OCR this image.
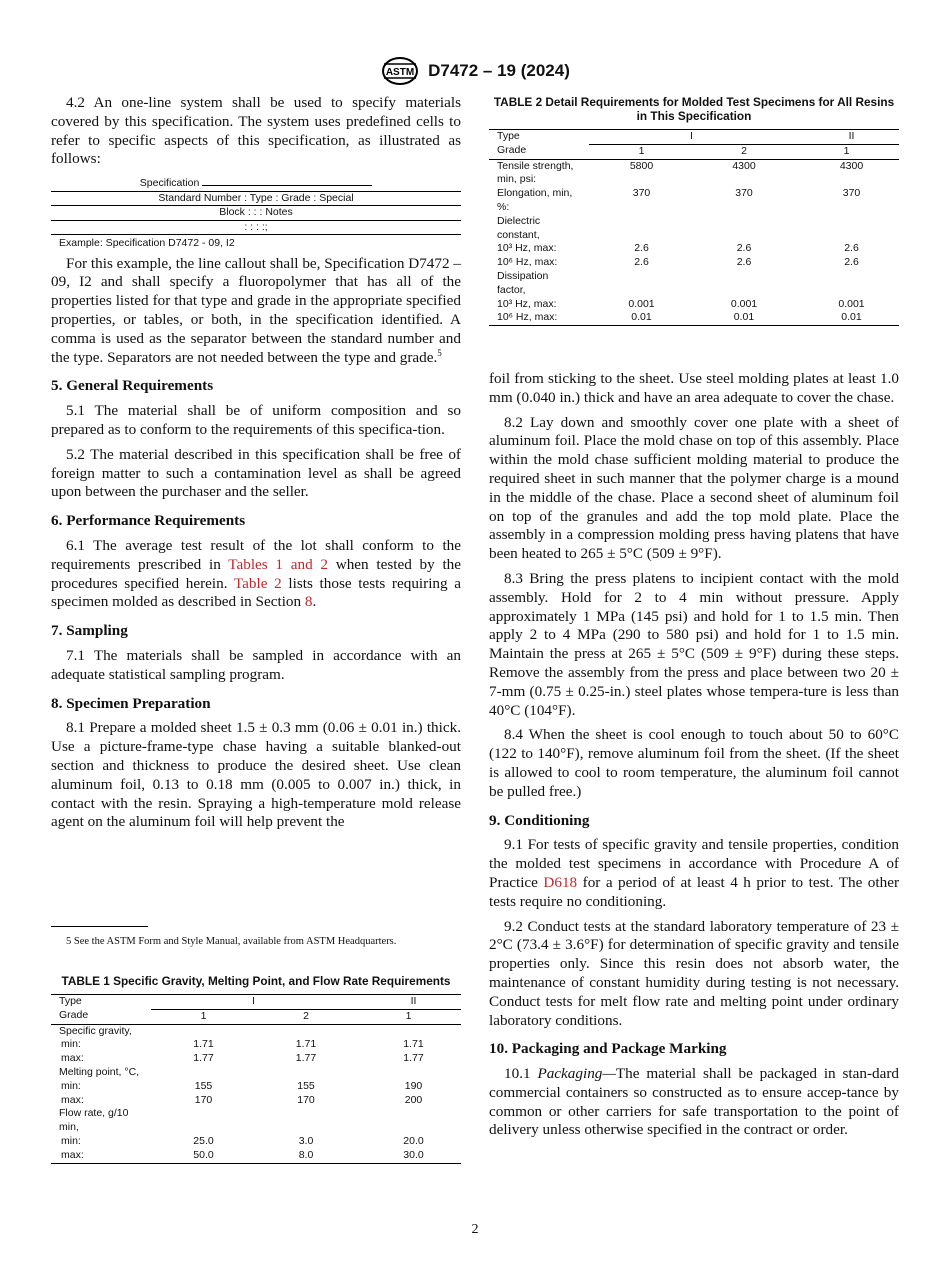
ASTM D7472 – 19 (2024)

4.2 An one-line system shall be used to specify materials covered by this specification. The system uses predefined cells to refer to specific aspects of this specification, as illustrated as follows:

Specification
Standard Number : Type : Grade : Special
Block : : : Notes
: : : :;
Example: Specification D7472 - 09, I2

For this example, the line callout shall be, Specification D7472 – 09, I2 and shall specify a fluoropolymer that has all of the properties listed for that type and grade in the appropriate specified properties, or tables, or both, in the specification identified. A comma is used as the separator between the standard number and the type. Separators are not needed between the type and grade.$^5$

5. General Requirements

5.1 The material shall be of uniform composition and so prepared as to conform to the requirements of this specifica-tion.

5.2 The material described in this specification shall be free of foreign matter to such a contamination level as shall be agreed upon between the purchaser and the seller.

6. Performance Requirements

6.1 The average test result of the lot shall conform to the requirements prescribed in Tables 1 and 2 when tested by the procedures specified herein. Table 2 lists those tests requiring a specimen molded as described in Section 8.

7. Sampling

7.1 The materials shall be sampled in accordance with an adequate statistical sampling program.

8. Specimen Preparation

8.1 Prepare a molded sheet 1.5 ± 0.3 mm (0.06 ± 0.01 in.) thick. Use a picture-frame-type chase having a suitable blanked-out section and thickness to produce the desired sheet. Use clean aluminum foil, 0.13 to 0.18 mm (0.005 to 0.007 in.) thick, in contact with the resin. Spraying a high-temperature mold release agent on the aluminum foil will help prevent the

5 See the ASTM Form and Style Manual, available from ASTM Headquarters.
TABLE 1 Specific Gravity, Melting Point, and Flow Rate Requirements
Type	I		II
Grade	1	2	1
Specific gravity,			
min:	1.71	1.71	1.71
max:	1.77	1.77	1.77
Melting point, °C,			
min:	155	155	190
max:	170	170	200
Flow rate, g/10			
min,			
min:	25.0	3.0	20.0
max:	50.0	8.0	30.0
TABLE 2 Detail Requirements for Molded Test Specimens for All Resins in This Specification
Type	I		II
Grade	1	2	1

Tensile strength,	5800	4300	4300
min, psi:			
Elongation, min,	370	370	370
%:			
Dielectric			
constant,			
10³ Hz, max:	2.6	2.6	2.6
10⁶ Hz, max:	2.6	2.6	2.6
Dissipation			
factor,			
10³ Hz, max:	0.001	0.001	0.001
10⁶ Hz, max:	0.01	0.01	0.01

foil from sticking to the sheet. Use steel molding plates at least 1.0 mm (0.040 in.) thick and have an area adequate to cover the chase.

8.2 Lay down and smoothly cover one plate with a sheet of aluminum foil. Place the mold chase on top of this assembly. Place within the mold chase sufficient molding material to produce the required sheet in such manner that the polymer charge is a mound in the middle of the chase. Place a second sheet of aluminum foil on top of the granules and add the top mold plate. Place the assembly in a compression molding press having platens that have been heated to 265 ± 5°C (509 ± 9°F).

8.3 Bring the press platens to incipient contact with the mold assembly. Hold for 2 to 4 min without pressure. Apply approximately 1 MPa (145 psi) and hold for 1 to 1.5 min. Then apply 2 to 4 MPa (290 to 580 psi) and hold for 1 to 1.5 min. Maintain the press at 265 ± 5°C (509 ± 9°F) during these steps. Remove the assembly from the press and place between two 20 ± 7-mm (0.75 ± 0.25-in.) steel plates whose tempera-ture is less than 40°C (104°F).

8.4 When the sheet is cool enough to touch about 50 to 60°C (122 to 140°F), remove aluminum foil from the sheet. (If the sheet is allowed to cool to room temperature, the aluminum foil cannot be pulled free.)

9. Conditioning

9.1 For tests of specific gravity and tensile properties, condition the molded test specimens in accordance with Procedure A of Practice D618 for a period of at least 4 h prior to test. The other tests require no conditioning.

9.2 Conduct tests at the standard laboratory temperature of 23 ± 2°C (73.4 ± 3.6°F) for determination of specific gravity and tensile properties only. Since this resin does not absorb water, the maintenance of constant humidity during testing is not necessary. Conduct tests for melt flow rate and melting point under ordinary laboratory conditions.

10. Packaging and Package Marking

10.1 Packaging—The material shall be packaged in stan-dard commercial containers so constructed as to ensure accep-tance by common or other carriers for safe transportation to the point of delivery unless otherwise specified in the contract or order.

2
